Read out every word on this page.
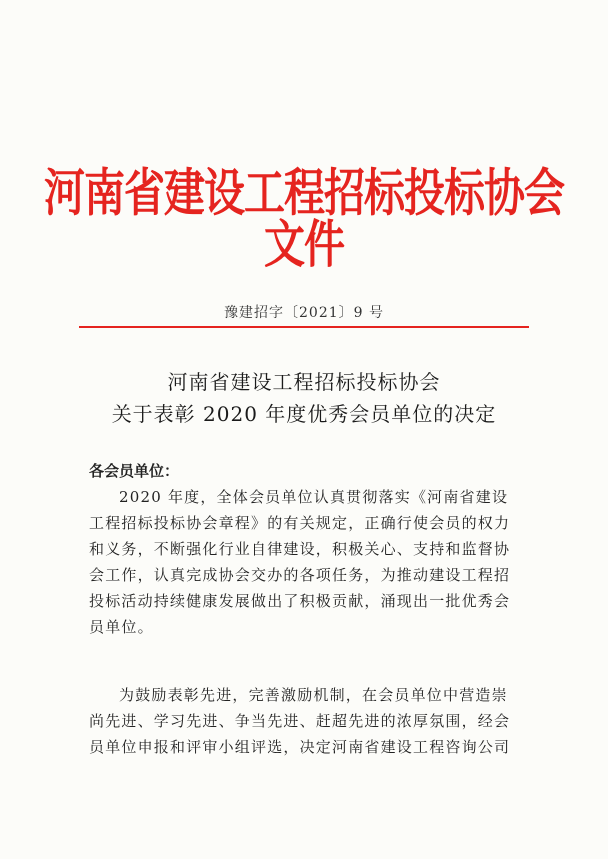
河南省建设工程招标投标协会文件
豫建招字〔2021〕9 号
河南省建设工程招标投标协会
关于表彰 2020 年度优秀会员单位的决定
各会员单位：
2020 年度，全体会员单位认真贯彻落实《河南省建设
工程招标投标协会章程》的有关规定，正确行使会员的权力
和义务，不断强化行业自律建设，积极关心、支持和监督协
会工作，认真完成协会交办的各项任务，为推动建设工程招
投标活动持续健康发展做出了积极贡献，涌现出一批优秀会
员单位。
为鼓励表彰先进，完善激励机制，在会员单位中营造崇
尚先进、学习先进、争当先进、赶超先进的浓厚氛围，经会
员单位申报和评审小组评选，决定河南省建设工程咨询公司
